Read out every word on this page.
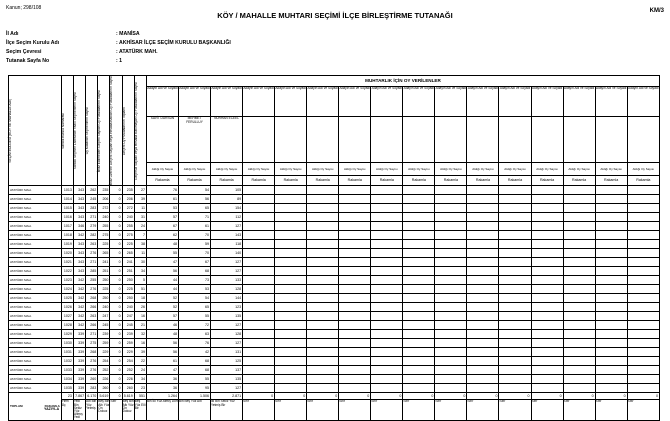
Kanun; 298/108
KÖY / MAHALLE MUHTARI SEÇİMİ İLÇE BİRLEŞTİRME TUTANAĞI	KM/3
İl Adı	: MANİSA
İlçe Seçim Kurulu Adı	: AKHİSAR İLÇE SEÇİM KURULU BAŞKANLIĞI
Seçim Çevresi	: ATATÜRK MAH.
Tutanak Sayfa No	: 1
SEÇİM BÖLGESİ (KÖY VE MAHALLE ADI)	Sandık Kurulu Numarası	Sandık Seçmen Listesinde Yazılı Seçmenlerin Sayısı	Oy Kullanan Seçmenlerin Sayısı	İtiraz Edilmeden Geçerli Sayılan Oy Pusulalarının Sayısı	İtiraz Üzerine Geçerli Sayılan veya Hesaba Katılan Oy Pusulalarının Sayısı	Geçerli Oy Pusulalarının Toplamı	Geçersiz Sayılan veya Hesaba Katılmayan Oy Pusulalarının Sayısı	MUHTARLIK İÇİN OY VERİLENLER															
								Adayın Adı ve Soyadı	Adayın Adı ve Soyadı	Adayın Adı ve Soyadı	Adayın Adı ve Soyadı	Adayın Adı ve Soyadı	Adayın Adı ve Soyadı	Adayın Adı ve Soyadı	Adayın Adı ve Soyadı	Adayın Adı ve Soyadı	Adayın Adı ve Soyadı	Adayın Adı ve Soyadı	Adayın Adı ve Soyadı	Adayın Adı ve Soyadı	Adayın Adı ve Soyadı	Adayın Adı ve Soyadı	Adayın Adı ve Soyadı
								SAVİT DURSUN	MEHMET FERULLUY	NURHAN ECEEL													
								Aldığı Oy Sayısı	Aldığı Oy Sayısı	Aldığı Oy Sayısı	Aldığı Oy Sayısı	Aldığı Oy Sayısı	Aldığı Oy Sayısı	Aldığı Oy Sayısı	Aldığı Oy Sayısı	Aldığı Oy Sayısı	Aldığı Oy Sayısı	Aldığı Oy Sayısı	Aldığı Oy Sayısı	Aldığı Oy Sayısı	Aldığı Oy Sayısı	Aldığı Oy Sayısı	Aldığı Oy Sayısı
								Rakamla	Rakamla	Rakamla	Rakamla	Rakamla	Rakamla	Rakamla	Rakamla	Rakamla	Rakamla	Rakamla	Rakamla	Rakamla	Rakamla	Rakamla	Rakamla
ATATÜRK MAH.	1013	343	262	235	0	235	27	76	54	105													
ATATÜRK MAH.	1014	343	245	206	0	206	39	61	56	89													
ATATÜRK MAH.	1015	343	283	272	0	272	11	53	65	154													
ATATÜRK MAH.	1016	343	271	240	0	240	31	57	71	112													
ATATÜRK MAH.	1017	346	279	255	0	255	24	67	61	127													
ATATÜRK MAH.	1018	342	282	275	0	275	7	62	70	143													
ATATÜRK MAH.	1019	343	263	225	0	225	38	48	59	118													
ATATÜRK MAH.	1020	343	276	265	0	265	11	55	70	140													
ATATÜRK MAH.	1021	343	271	241	0	241	30	47	67	127													
ATATÜRK MAH.	1022	343	285	251	0	251	34	56	68	127													
ATATÜRK MAH.	1023	342	255	250	0	250	5	44	73	133													
ATATÜRK MAH.	1024	342	276	225	0	225	51	44	53	128													
ATATÜRK MAH.	1025	342	268	250	0	250	18	52	54	144													
ATATÜRK MAH.	1026	342	266	240	0	240	26	52	65	123													
ATATÜRK MAH.	1027	342	263	247	0	247	16	57	55	135													
ATATÜRK MAH.	1028	342	266	245	0	245	21	46	72	127													
ATATÜRK MAH.	1029	339	271	239	0	239	32	48	63	128													
ATATÜRK MAH.	1030	339	275	259	0	259	16	56	76	127													
ATATÜRK MAH.	1031	339	268	229	0	229	39	56	42	131													
ATATÜRK MAH.	1032	339	276	254	0	254	22	61	68	125													
ATATÜRK MAH.	1033	339	276	252	0	252	24	47	68	137													
ATATÜRK MAH.	1034	339	260	226	0	226	34	36	55	135													
ATATÜRK MAH.	1035	339	283	260	0	260	23	36	95	127													

TOPLAM RAKAMLA	23	7.867	6.170	5.619	0	5.619	551	1.264	1.506	2.871	0	0	0	0	0	0	0	0	0	0	0	0	0
	Yirmi Üç	Yedi Bin Sekiz Yüz Altmış Yedi	Altı Bin Yüz Yetmiş	Beş Bin Altı Yüz On Dokuz	Sıfır	Beş Bin Altı Yüz On Dokuz	Beş Yüz Elli Bir	Bin İki Yüz Atmış Dört	Bin Beş Yüz Altı	İki Bin Sekiz Yüz Yetmiş Bir	Sıfır	Sıfır	Sıfır	Sıfır	Sıfır	Sıfır	Sıfır	Sıfır	Sıfır	Sıfır	Sıfır	Sıfır	Sıfır
YAZIYLA
